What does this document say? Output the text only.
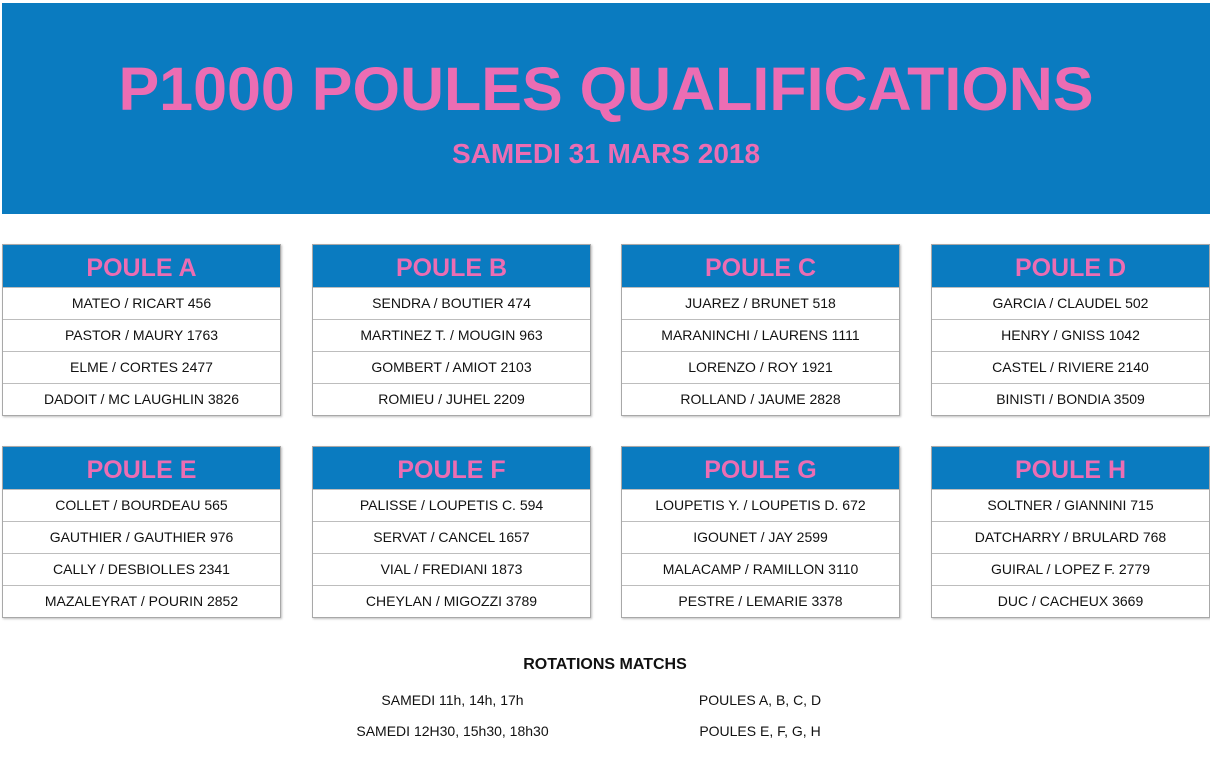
P1000 POULES QUALIFICATIONS
SAMEDI 31 MARS 2018
POULE A
MATEO / RICART 456
PASTOR / MAURY 1763
ELME / CORTES 2477
DADOIT / MC LAUGHLIN 3826
POULE B
SENDRA / BOUTIER 474
MARTINEZ T. / MOUGIN 963
GOMBERT / AMIOT 2103
ROMIEU / JUHEL 2209
POULE C
JUAREZ / BRUNET 518
MARANINCHI / LAURENS 1111
LORENZO / ROY 1921
ROLLAND / JAUME 2828
POULE D
GARCIA / CLAUDEL 502
HENRY / GNISS 1042
CASTEL / RIVIERE 2140
BINISTI / BONDIA 3509
POULE E
COLLET / BOURDEAU 565
GAUTHIER / GAUTHIER 976
CALLY / DESBIOLLES 2341
MAZALEYRAT / POURIN 2852
POULE F
PALISSE / LOUPETIS C. 594
SERVAT / CANCEL 1657
VIAL / FREDIANI 1873
CHEYLAN / MIGOZZI 3789
POULE G
LOUPETIS Y. / LOUPETIS D. 672
IGOUNET / JAY 2599
MALACAMP / RAMILLON 3110
PESTRE / LEMARIE 3378
POULE H
SOLTNER / GIANNINI 715
DATCHARRY / BRULARD 768
GUIRAL / LOPEZ F. 2779
DUC / CACHEUX 3669
ROTATIONS MATCHS
SAMEDI 11h, 14h, 17h	POULES A, B, C, D
SAMEDI 12H30, 15h30, 18h30	POULES E, F, G, H
